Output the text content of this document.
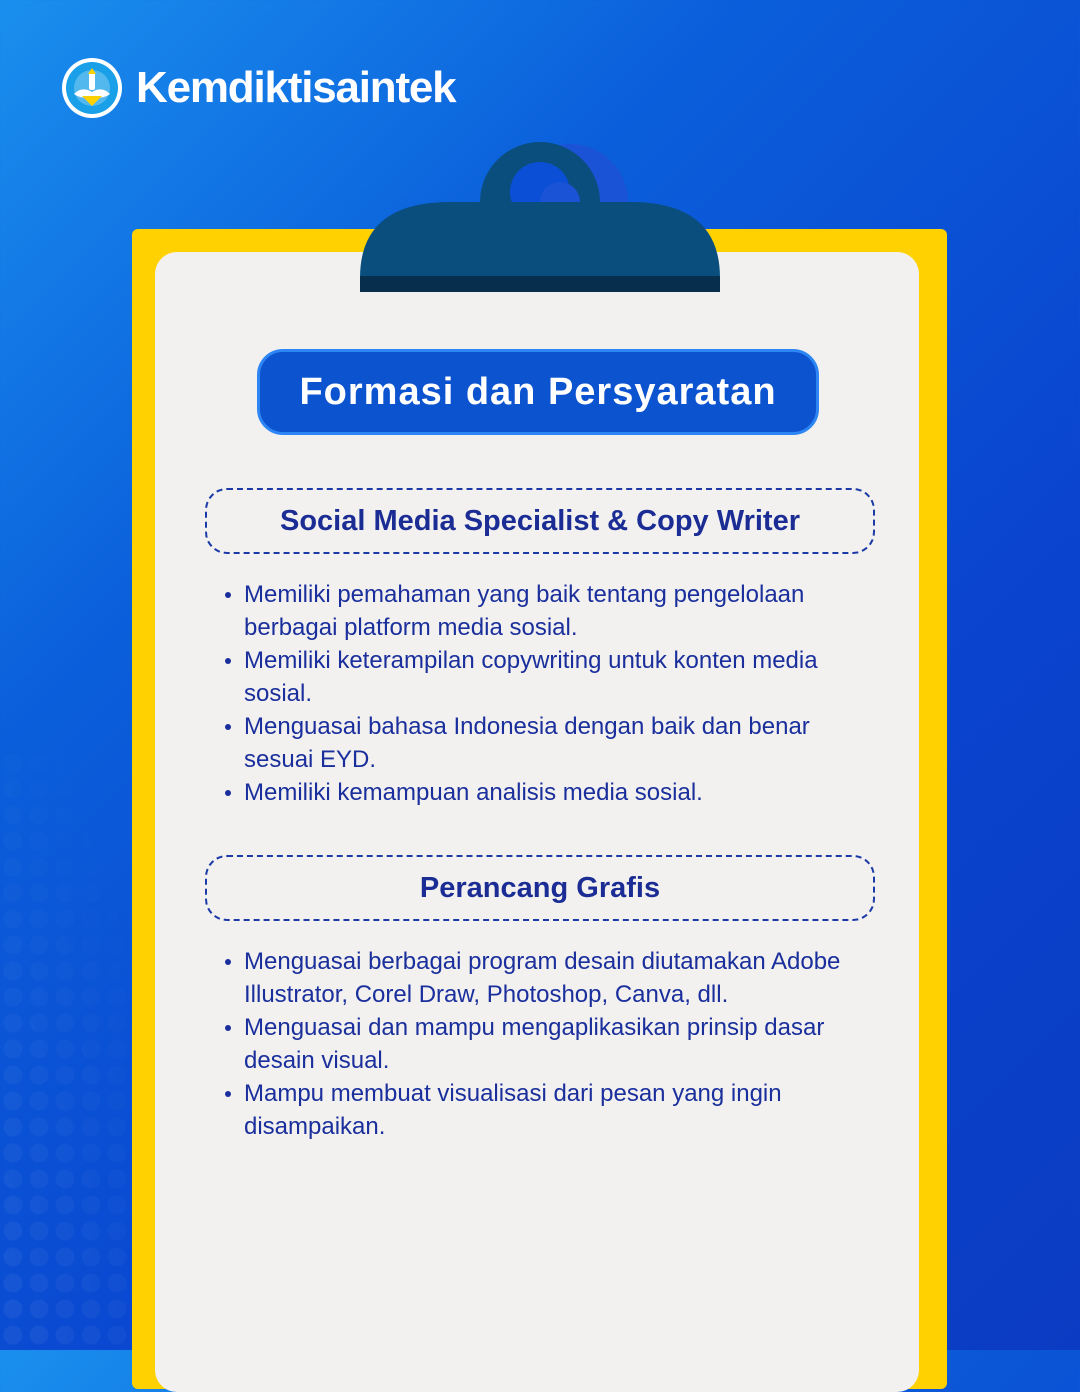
Kemdiktisaintek
Formasi dan Persyaratan
Social Media Specialist & Copy Writer
Memiliki pemahaman yang baik tentang pengelolaan berbagai platform media sosial.
Memiliki keterampilan copywriting untuk konten media sosial.
Menguasai bahasa Indonesia dengan baik dan benar sesuai EYD.
Memiliki kemampuan analisis media sosial.
Perancang Grafis
Menguasai berbagai program desain diutamakan Adobe Illustrator, Corel Draw, Photoshop, Canva, dll.
Menguasai dan mampu mengaplikasikan prinsip dasar desain visual.
Mampu membuat visualisasi dari pesan yang ingin disampaikan.
